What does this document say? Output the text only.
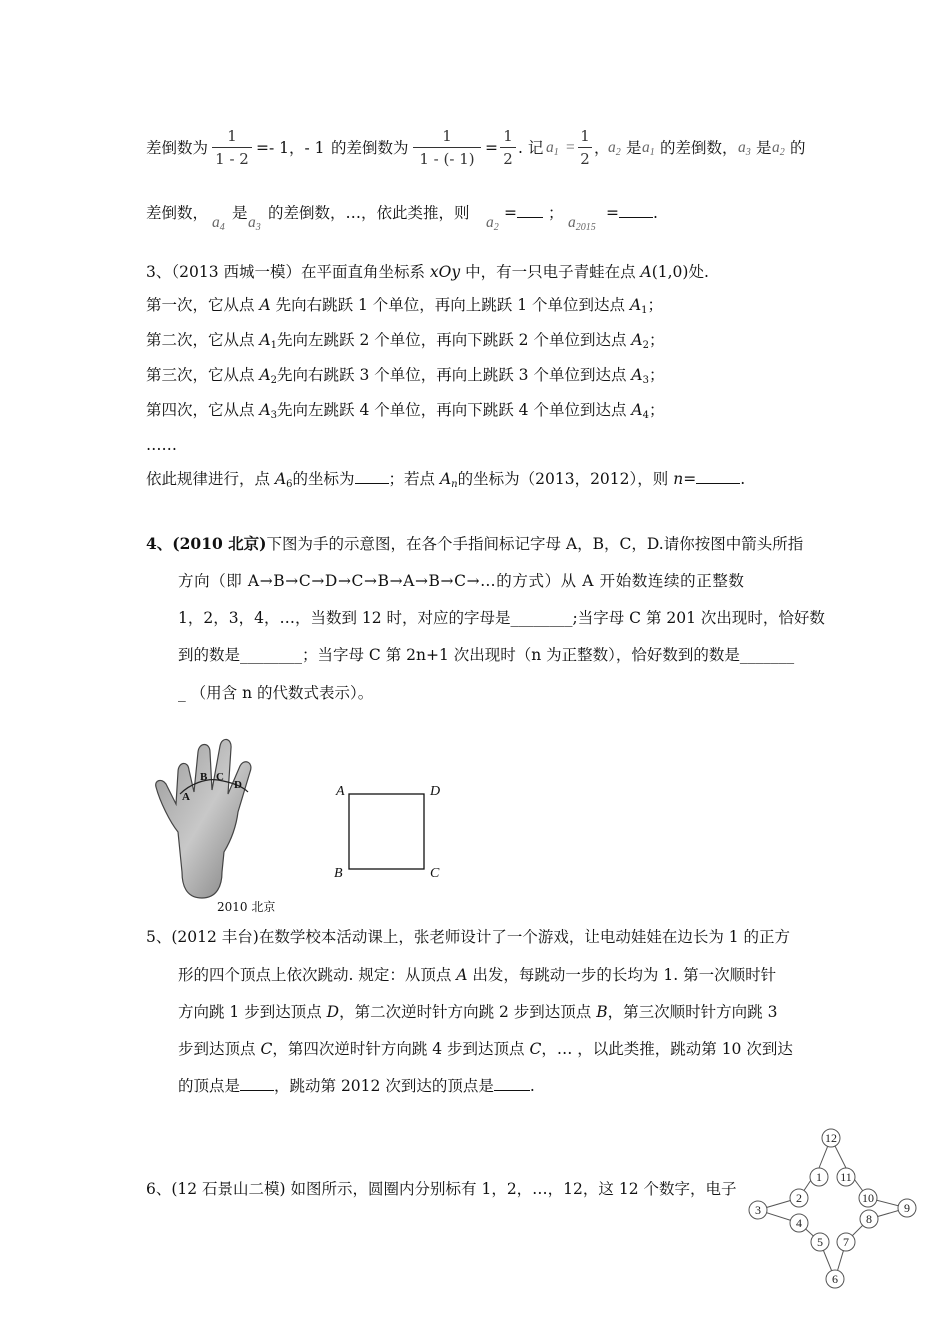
差倒数为
1
1 - 2
=- 1，- 1 的差倒数为
1
1 - (- 1)
=
1
2
. 记 $a_1$ =
1
2
，
$a_2$ 是 $a_1$ 的差倒数， $a_3$ 是 $a_2$ 的
差倒数，
$a_4$
是
$a_3$
的差倒数，…，依此类推，则
$a_2$
=	；
$a_{2015}$
= .
3、（2013 西城一模）在平面直角坐标系 xOy 中，有一只电子青蛙在点 A(1,0)处.
第一次，它从点 A 先向右跳跃 1 个单位，再向上跳跃 1 个单位到达点 $A_1$；
第二次，它从点 $A_1$先向左跳跃 2 个单位，再向下跳跃 2 个单位到达点 $A_2$；
第三次，它从点 $A_2$先向右跳跃 3 个单位，再向上跳跃 3 个单位到达点 $A_3$；
第四次，它从点 $A_3$先向左跳跃 4 个单位，再向下跳跃 4 个单位到达点 $A_4$；
……
依此规律进行，点 $A_6$的坐标为 ；若点 $A_n$的坐标为（2013，2012），则 n=	.
4、(2010 北京)下图为手的示意图，在各个手指间标记字母 A，B，C，D.请你按图中箭头所指
方向（即 A→B→C→D→C→B→A→B→C→…的方式）从 A 开始数连续的正整数
1，2，3，4，…，当数到 12 时，对应的字母是________;当字母 C 第 201 次出现时，恰好数
到的数是________；当字母 C 第 2n+1 次出现时（n 为正整数），恰好数到的数是_______
_ （用含 n 的代数式表示）。
A
B C
D	A	D
B	C
2010 北京
5、(2012 丰台)在数学校本活动课上，张老师设计了一个游戏，让电动娃娃在边长为 1 的正方
形的四个顶点上依次跳动. 规定：从顶点 A 出发，每跳动一步的长均为 1. 第一次顺时针
方向跳 1 步到达顶点 D，第二次逆时针方向跳 2 步到达顶点 B，第三次顺时针方向跳 3
步到达顶点 C，第四次逆时针方向跳 4 步到达顶点 C，… ，以此类推，跳动第 10 次到达
的顶点是 ，跳动第 2012 次到达的顶点是 .
6、(12 石景山二模) 如图所示，圆圈内分别标有 1，2，…，12，这 12 个数字，电子
12
1 11
2	10
3	9
4	8
5 7
6
